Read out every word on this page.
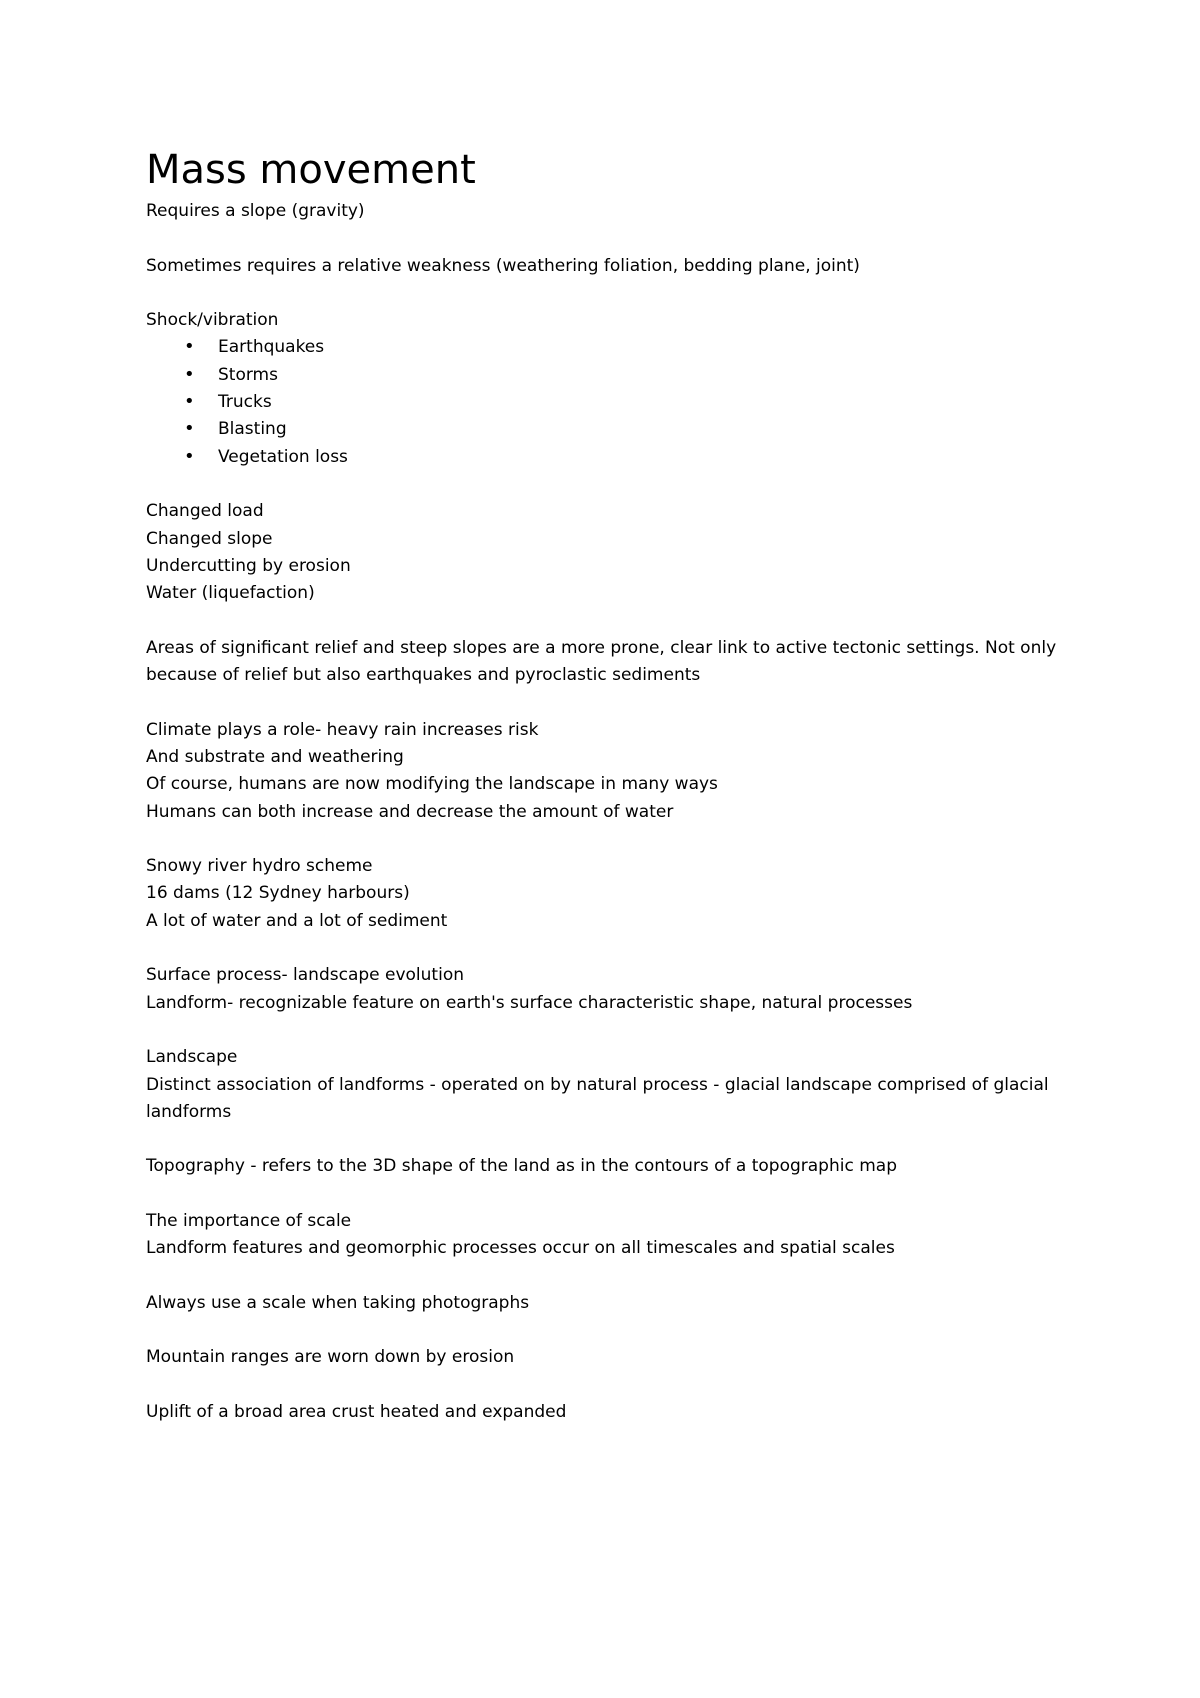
Mass movement

Requires a slope (gravity)

Sometimes requires a relative weakness (weathering foliation, bedding plane, joint)

Shock/vibration

• Earthquakes
• Storms
• Trucks
• Blasting
• Vegetation loss

Changed load

Changed slope

Undercutting by erosion

Water (liquefaction)

Areas of significant relief and steep slopes are a more prone, clear link to active tectonic settings. Not only because of relief but also earthquakes and pyroclastic sediments

Climate plays a role- heavy rain increases risk

And substrate and weathering

Of course, humans are now modifying the landscape in many ways

Humans can both increase and decrease the amount of water

Snowy river hydro scheme

16 dams (12 Sydney harbours)

A lot of water and a lot of sediment

Surface process- landscape evolution

Landform- recognizable feature on earth's surface characteristic shape, natural processes

Landscape

Distinct association of landforms - operated on by natural process - glacial landscape comprised of glacial landforms

Topography - refers to the 3D shape of the land as in the contours of a topographic map

The importance of scale

Landform features and geomorphic processes occur on all timescales and spatial scales

Always use a scale when taking photographs

Mountain ranges are worn down by erosion

Uplift of a broad area crust heated and expanded
